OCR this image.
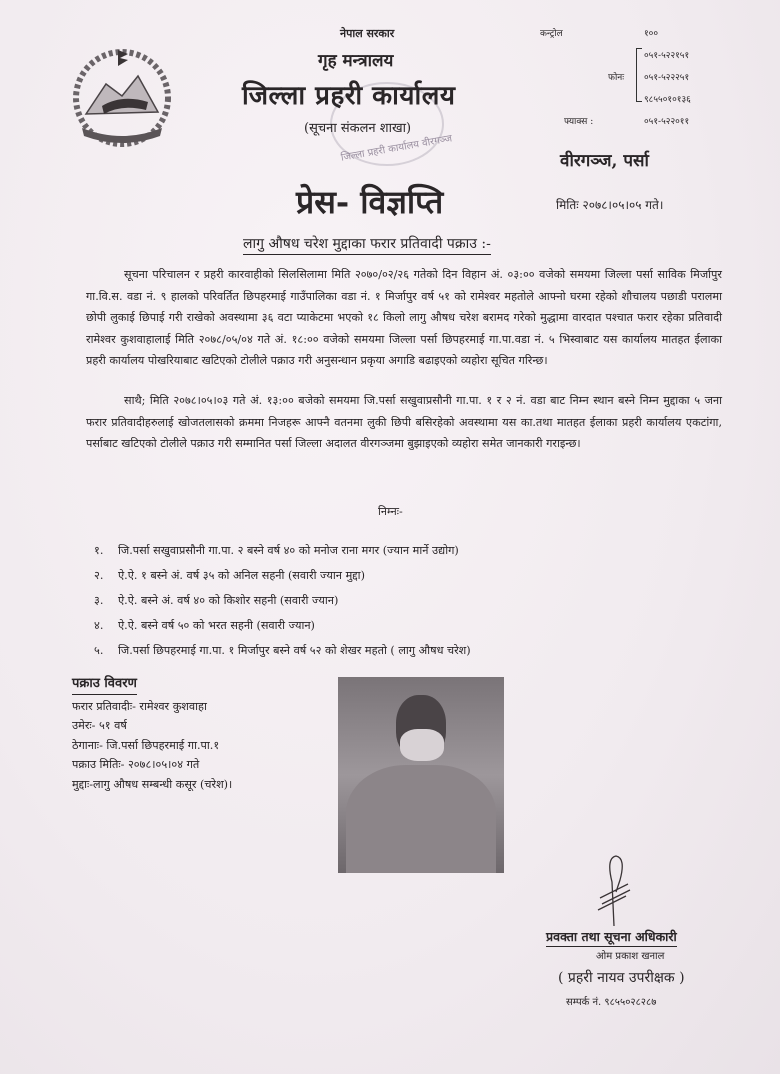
जिल्ला प्रहरी कार्यालय वीरगञ्ज
नेपाल सरकार
गृह मन्त्रालय
जिल्ला प्रहरी कार्यालय
(सूचना संकलन शाखा)
कन्ट्रोल	१००
फोनः
०५१-५२२१५१
०५१-५२२२५१
९८५५०१०१३६
फ्याक्स :	०५१-५२२०११
वीरगञ्ज, पर्सा
मितिः २०७८।०५।०५ गते।
प्रेस- विज्ञप्ति
लागु औषध चरेश मुद्दाका फरार प्रतिवादी पक्राउ :-

सूचना परिचालन र प्रहरी कारवाहीको सिलसिलामा मिति २०७०/०२/२६ गतेको दिन विहान अं. ०३:०० वजेको समयमा जिल्ला पर्सा साविक मिर्जापुर गा.वि.स. वडा नं. ९ हालको परिवर्तित छिपहरमाई गाउँपालिका वडा नं. १ मिर्जापुर वर्ष ५१ को रामेश्वर महतोले आफ्नो घरमा रहेको शौचालय पछाडी परालमा छोपी लुकाई छिपाई गरी राखेको अवस्थामा ३६ वटा प्याकेटमा भएको १८ किलो लागु औषध चरेश बरामद गरेको मुद्धामा वारदात पश्चात फरार रहेका प्रतिवादी रामेश्वर कुशवाहालाई मिति २०७८/०५/०४ गते अं. १८:०० वजेको समयमा जिल्ला पर्सा छिपहरमाई गा.पा.वडा नं. ५ भिस्वाबाट यस कार्यालय मातहत ईलाका प्रहरी कार्यालय पोखरियाबाट खटिएको टोलीले पक्राउ गरी अनुसन्धान प्रकृया अगाडि बढाइएको व्यहोरा सूचित गरिन्छ।

साथै; मिति २०७८।०५।०३ गते अं. १३:०० बजेको समयमा जि.पर्सा सखुवाप्रसौनी गा.पा. १ र २ नं. वडा बाट निम्न स्थान बस्ने निम्न मुद्दाका ५ जना फरार प्रतिवादीहरुलाई खोजतलासको क्रममा निजहरू आफ्नै वतनमा लुकी छिपी बसिरहेको अवस्थामा यस का.तथा मातहत ईलाका प्रहरी कार्यालय एकटांगा, पर्साबाट खटिएको टोलीले पक्राउ गरी सम्मानित पर्सा जिल्ला अदालत वीरगञ्जमा बुझाइएको व्यहोरा समेत जानकारी गराइन्छ।

निम्नः-
१.	जि.पर्सा सखुवाप्रसौनी गा.पा. २ बस्ने वर्ष ४० को मनोज राना मगर (ज्यान मार्ने उद्योग)
२.	ऐ.ऐ. १ बस्ने अं. वर्ष ३५ को अनिल सहनी (सवारी ज्यान मुद्दा)
३.	ऐ.ऐ. बस्ने अं. वर्ष ४० को किशोर सहनी (सवारी ज्यान)
४.	ऐ.ऐ. बस्ने वर्ष ५० को भरत सहनी (सवारी ज्यान)
५.	जि.पर्सा छिपहरमाई गा.पा. १ मिर्जापुर बस्ने वर्ष ५२ को शेखर महतो ( लागु औषध चरेश)
पक्राउ विवरण
फरार प्रतिवादीः- रामेश्वर कुशवाहा
उमेरः- ५१ वर्ष
ठेगानाः- जि.पर्सा छिपहरमाई गा.पा.१
पक्राउ मितिः- २०७८।०५।०४ गते
मुद्दाः-लागु औषध सम्बन्धी कसूर (चरेश)।
प्रवक्ता तथा सूचना अधिकारी
ओम प्रकाश खनाल
( प्रहरी नायव उपरीक्षक )
सम्पर्क नं. ९८५५०२८२८७
